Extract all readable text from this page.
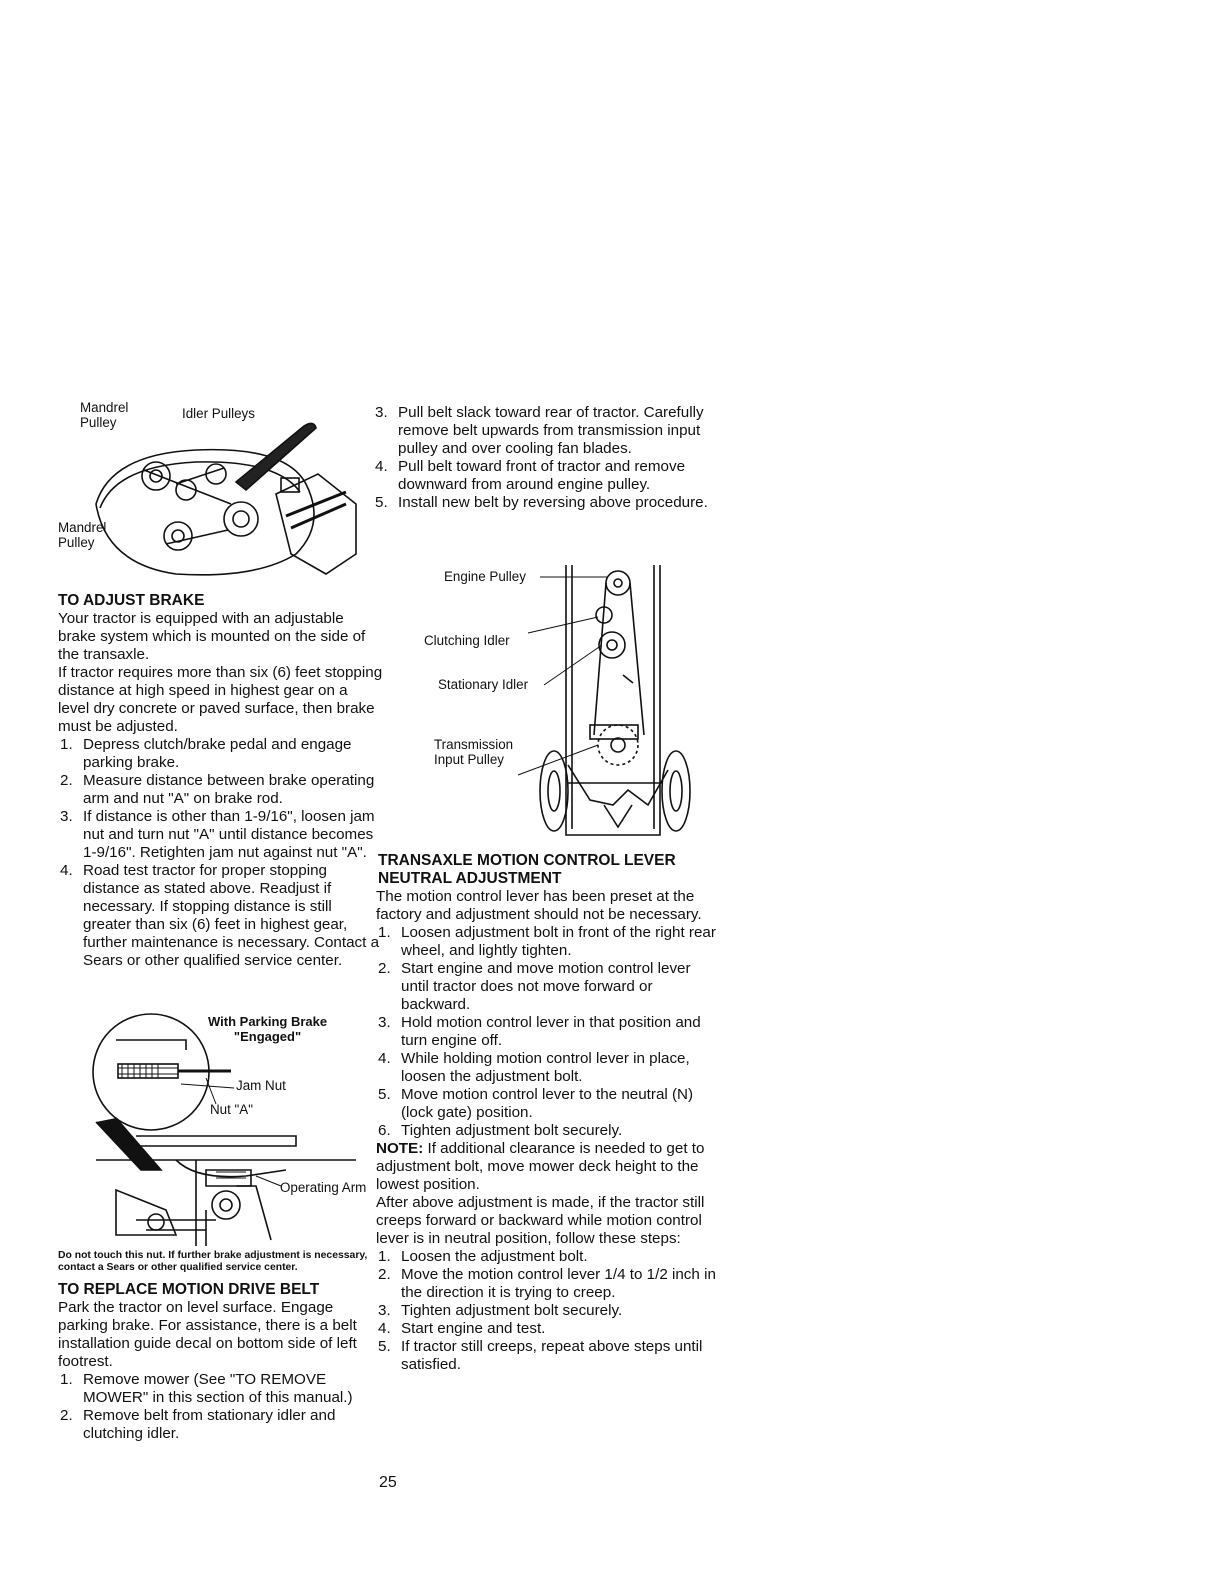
Mandrel
Pulley
Idler Pulleys
Mandrel
Pulley
TO ADJUST BRAKE

Your tractor is equipped with an adjustable brake system which is mounted on the side of the transaxle.

If tractor requires more than six (6) feet stopping distance at high speed in highest gear on a level dry concrete or paved surface, then brake must be adjusted.

1. Depress clutch/brake pedal and engage parking brake.
2. Measure distance between brake operating arm and nut "A" on brake rod.
3. If distance is other than 1-9/16", loosen jam nut and turn nut "A" until distance becomes 1-9/16". Retighten jam nut against nut "A".
4. Road test tractor for proper stopping distance as stated above. Readjust if necessary. If stopping distance is still greater than six (6) feet in highest gear, further maintenance is necessary. Contact a Sears or other qualified service center.
With Parking Brake
"Engaged"
Jam Nut
Nut "A"
Operating Arm

Do not touch this nut. If further brake adjustment is necessary, contact a Sears or other qualified service center.

TO REPLACE MOTION DRIVE BELT

Park the tractor on level surface. Engage parking brake. For assistance, there is a belt installation guide decal on bottom side of left footrest.

1. Remove mower (See "TO REMOVE MOWER" in this section of this manual.)
2. Remove belt from stationary idler and clutching idler.
3. Pull belt slack toward rear of tractor. Carefully remove belt upwards from transmission input pulley and over cooling fan blades.
4. Pull belt toward front of tractor and remove downward from around engine pulley.
5. Install new belt by reversing above procedure.
Engine Pulley
Clutching Idler
Stationary Idler
Transmission
Input Pulley
TRANSAXLE MOTION CONTROL LEVER NEUTRAL ADJUSTMENT

The motion control lever has been preset at the factory and adjustment should not be necessary.

1. Loosen adjustment bolt in front of the right rear wheel, and lightly tighten.
2. Start engine and move motion control lever until tractor does not move forward or backward.
3. Hold motion control lever in that position and turn engine off.
4. While holding motion control lever in place, loosen the adjustment bolt.
5. Move motion control lever to the neutral (N) (lock gate) position.
6. Tighten adjustment bolt securely.

NOTE: If additional clearance is needed to get to adjustment bolt, move mower deck height to the lowest position.

After above adjustment is made, if the tractor still creeps forward or backward while motion control lever is in neutral position, follow these steps:

1. Loosen the adjustment bolt.
2. Move the motion control lever 1/4 to 1/2 inch in the direction it is trying to creep.
3. Tighten adjustment bolt securely.
4. Start engine and test.
5. If tractor still creeps, repeat above steps until satisfied.
25
